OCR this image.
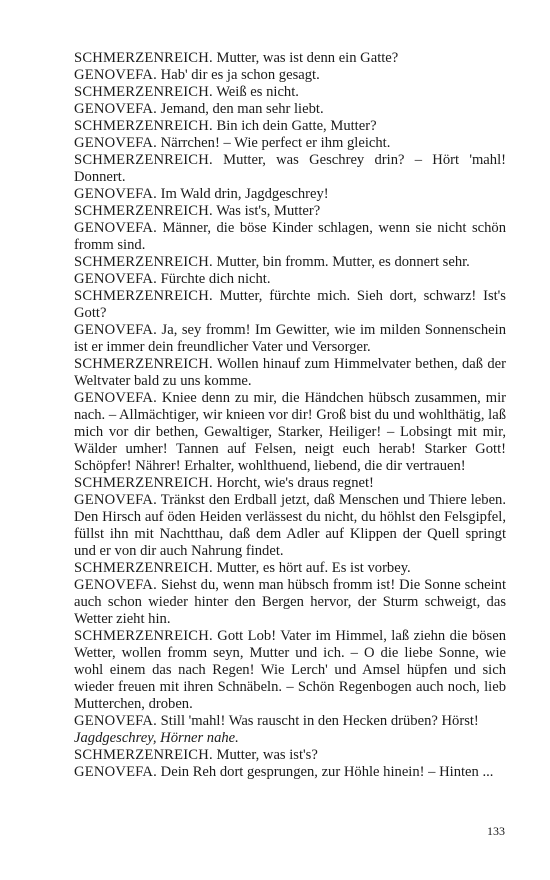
SCHMERZENREICH. Mutter, was ist denn ein Gatte?

GENOVEFA. Hab' dir es ja schon gesagt.

SCHMERZENREICH. Weiß es nicht.

GENOVEFA. Jemand, den man sehr liebt.

SCHMERZENREICH. Bin ich dein Gatte, Mutter?

GENOVEFA. Närrchen! – Wie perfect er ihm gleicht.

SCHMERZENREICH. Mutter, was Geschrey drin? – Hört 'mahl! Donnert.

GENOVEFA. Im Wald drin, Jagdgeschrey!

SCHMERZENREICH. Was ist's, Mutter?

GENOVEFA. Männer, die böse Kinder schlagen, wenn sie nicht schön fromm sind.

SCHMERZENREICH. Mutter, bin fromm. Mutter, es donnert sehr.

GENOVEFA. Fürchte dich nicht.

SCHMERZENREICH. Mutter, fürchte mich. Sieh dort, schwarz! Ist's Gott?

GENOVEFA. Ja, sey fromm! Im Gewitter, wie im milden Sonnenschein ist er immer dein freundlicher Vater und Versorger.

SCHMERZENREICH. Wollen hinauf zum Himmelvater bethen, daß der Weltvater bald zu uns komme.

GENOVEFA. Kniee denn zu mir, die Händchen hübsch zusammen, mir nach. – Allmächtiger, wir knieen vor dir! Groß bist du und wohlthätig, laß mich vor dir bethen, Gewaltiger, Starker, Heiliger! – Lobsingt mit mir, Wälder umher! Tannen auf Felsen, neigt euch herab! Starker Gott! Schöpfer! Nährer! Erhalter, wohlthuend, liebend, die dir vertrauen!

SCHMERZENREICH. Horcht, wie's draus regnet!

GENOVEFA. Tränkst den Erdball jetzt, daß Menschen und Thiere leben. Den Hirsch auf öden Heiden verlässest du nicht, du höhlst den Felsgipfel, füllst ihn mit Nachtthau, daß dem Adler auf Klippen der Quell springt und er von dir auch Nahrung findet.

SCHMERZENREICH. Mutter, es hört auf. Es ist vorbey.

GENOVEFA. Siehst du, wenn man hübsch fromm ist! Die Sonne scheint auch schon wieder hinter den Bergen hervor, der Sturm schweigt, das Wetter zieht hin.

SCHMERZENREICH. Gott Lob! Vater im Himmel, laß ziehn die bösen Wetter, wollen fromm seyn, Mutter und ich. – O die liebe Sonne, wie wohl einem das nach Regen! Wie Lerch' und Amsel hüpfen und sich wieder freuen mit ihren Schnäbeln. – Schön Regenbogen auch noch, lieb Mutterchen, droben.

GENOVEFA. Still 'mahl! Was rauscht in den Hecken drüben? Hörst!
Jagdgeschrey, Hörner nahe.

SCHMERZENREICH. Mutter, was ist's?

GENOVEFA. Dein Reh dort gesprungen, zur Höhle hinein! – Hinten ...

133
